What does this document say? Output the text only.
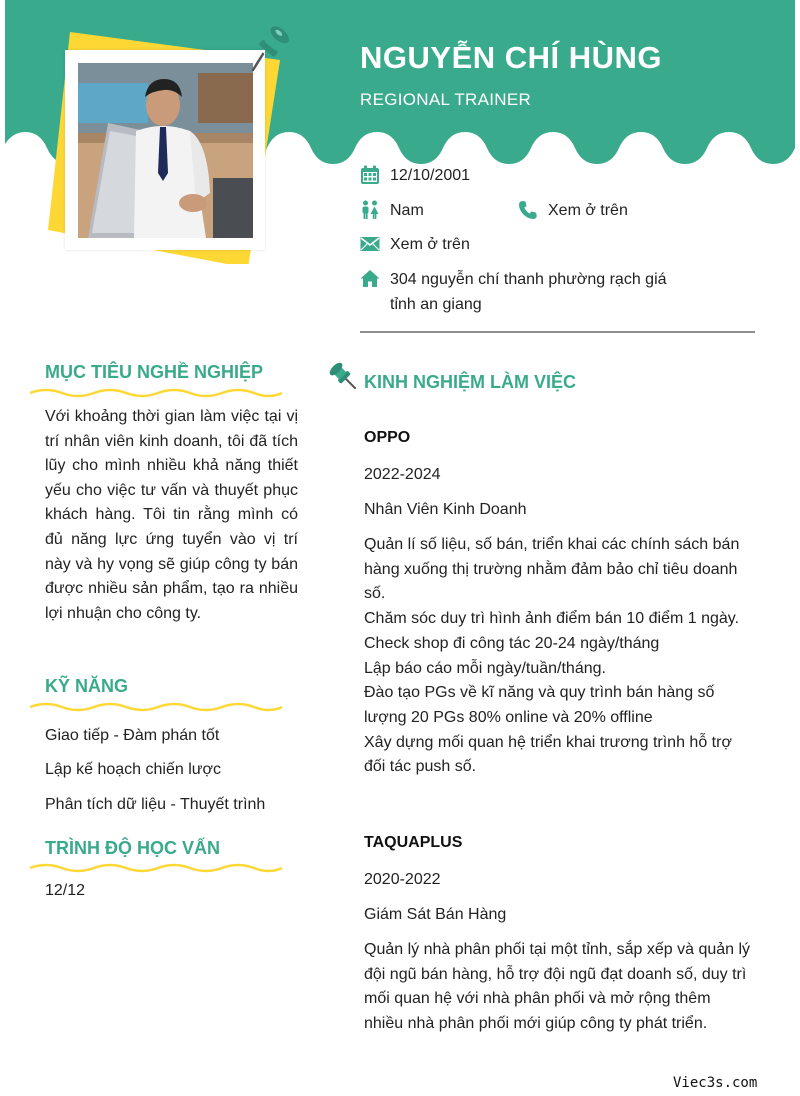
NGUYỄN CHÍ HÙNG
REGIONAL TRAINER
12/10/2001
Nam	Xem ở trên
Xem ở trên
304 nguyễn chí thanh phường rạch giá
tỉnh an giang
MỤC TIÊU NGHỀ NGHIỆP
Với khoảng thời gian làm việc tại vị trí nhân viên kinh doanh, tôi đã tích lũy cho mình nhiều khả năng thiết yếu cho việc tư vấn và thuyết phục khách hàng. Tôi tin rằng mình có đủ năng lực ứng tuyển vào vị trí này và hy vọng sẽ giúp công ty bán được nhiều sản phẩm, tạo ra nhiều lợi nhuận cho công ty.
KỸ NĂNG
Giao tiếp - Đàm phán tốt
Lập kế hoạch chiến lược
Phân tích dữ liệu - Thuyết trình
TRÌNH ĐỘ HỌC VẤN
12/12
KINH NGHIỆM LÀM VIỆC
OPPO
2022-2024
Nhân Viên Kinh Doanh
Quản lí số liệu, số bán, triển khai các chính sách bán hàng xuống thị trường nhằm đảm bảo chỉ tiêu doanh số.
Chăm sóc duy trì hình ảnh điểm bán 10 điểm 1 ngày.
Check shop đi công tác 20-24 ngày/tháng
Lập báo cáo mỗi ngày/tuần/tháng.
Đào tạo PGs về kĩ năng và quy trình bán hàng số lượng 20 PGs 80% online và 20% offline
Xây dựng mối quan hệ triển khai trương trình hỗ trợ đối tác push số.
TAQUAPLUS
2020-2022
Giám Sát Bán Hàng
Quản lý nhà phân phối tại một tỉnh, sắp xếp và quản lý đội ngũ bán hàng, hỗ trợ đội ngũ đạt doanh số, duy trì mối quan hệ với nhà phân phối và mở rộng thêm nhiều nhà phân phối mới giúp công ty phát triển.
Viec3s.com
